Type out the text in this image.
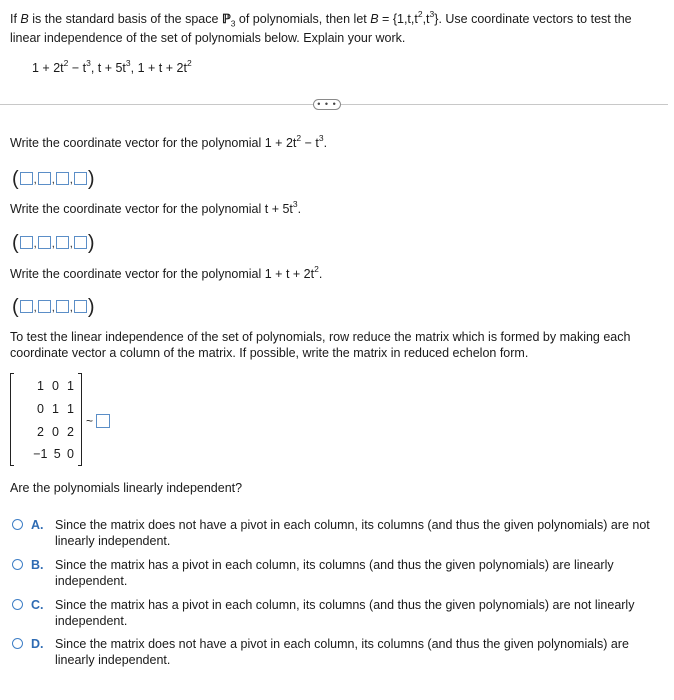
If B is the standard basis of the space ℙ$_3$ of polynomials, then let $B = \{1,t,t^2,t^3\}$. Use coordinate vectors to test the linear independence of the set of polynomials below. Explain your work.
$1 + 2t^2 - t^3$, $t + 5t^3$, $1 + t + 2t^2$
• • •
Write the coordinate vector for the polynomial $1 + 2t^2 - t^3$.
( , , , )
Write the coordinate vector for the polynomial $t + 5t^3$.
( , , , )
Write the coordinate vector for the polynomial $1 + t + 2t^2$.
( , , , )
To test the linear independence of the set of polynomials, row reduce the matrix which is formed by making each coordinate vector a column of the matrix. If possible, write the matrix in reduced echelon form.
1 0 1
0 1 1
2 0 2
−1 5 0
~
Are the polynomials linearly independent?
A. Since the matrix does not have a pivot in each column, its columns (and thus the given polynomials) are not linearly independent.
B. Since the matrix has a pivot in each column, its columns (and thus the given polynomials) are linearly independent.
C. Since the matrix has a pivot in each column, its columns (and thus the given polynomials) are not linearly independent.
D. Since the matrix does not have a pivot in each column, its columns (and thus the given polynomials) are linearly independent.
